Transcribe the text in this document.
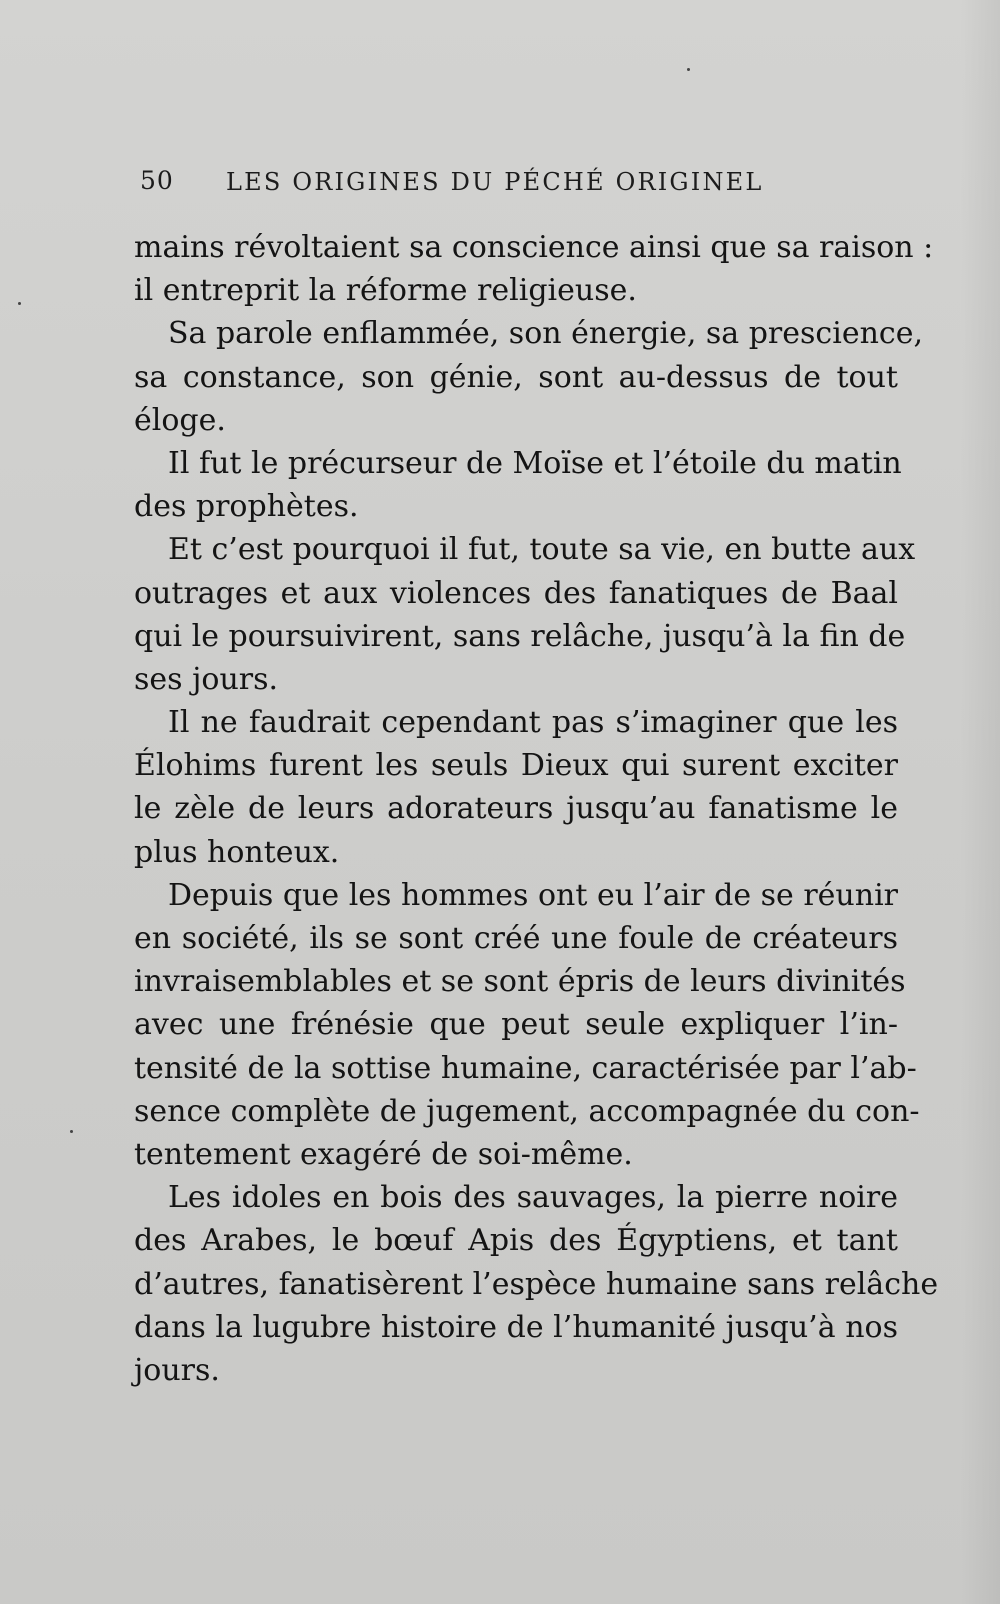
50 LES ORIGINES DU PÉCHÉ ORIGINEL
mains révoltaient sa conscience ainsi que sa raison :
il entreprit la réforme religieuse.
Sa parole enflammée, son énergie, sa prescience,
sa constance, son génie, sont au-dessus de tout
éloge.
Il fut le précurseur de Moïse et l’étoile du matin
des prophètes.
Et c’est pourquoi il fut, toute sa vie, en butte aux
outrages et aux violences des fanatiques de Baal
qui le poursuivirent, sans relâche, jusqu’à la fin de
ses jours.
Il ne faudrait cependant pas s’imaginer que les
Élohims furent les seuls Dieux qui surent exciter
le zèle de leurs adorateurs jusqu’au fanatisme le
plus honteux.
Depuis que les hommes ont eu l’air de se réunir
en société, ils se sont créé une foule de créateurs
invraisemblables et se sont épris de leurs divinités
avec une frénésie que peut seule expliquer l’in-
tensité de la sottise humaine, caractérisée par l’ab-
sence complète de jugement, accompagnée du con-
tentement exagéré de soi-même.
Les idoles en bois des sauvages, la pierre noire
des Arabes, le bœuf Apis des Égyptiens, et tant
d’autres, fanatisèrent l’espèce humaine sans relâche
dans la lugubre histoire de l’humanité jusqu’à nos
jours.
